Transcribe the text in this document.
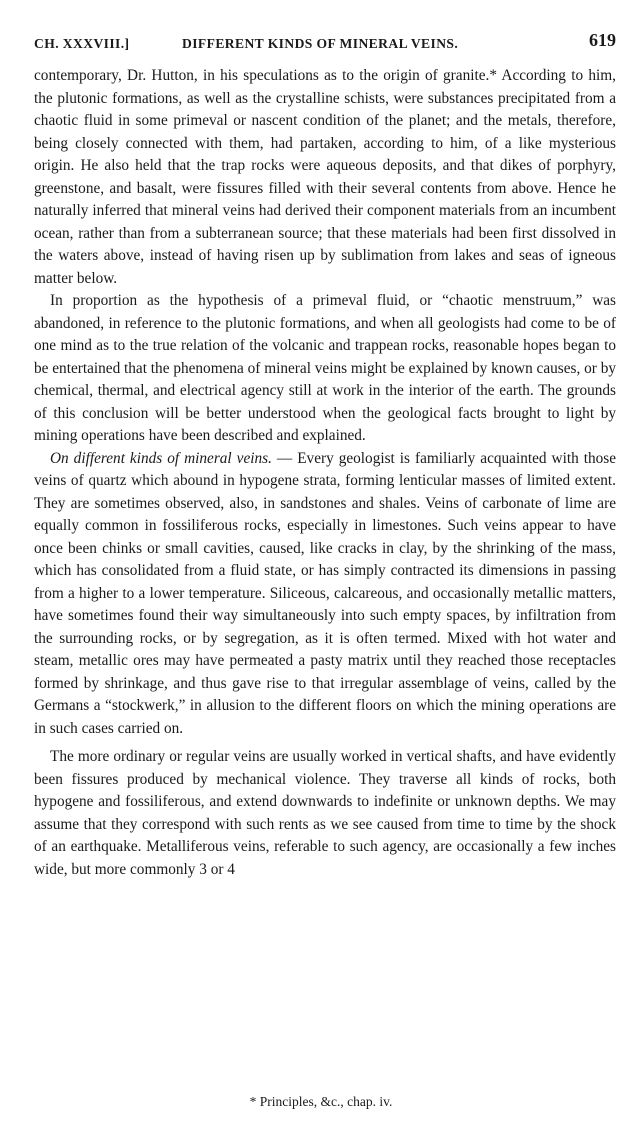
CH. XXXVIII.]	DIFFERENT KINDS OF MINERAL VEINS.	619

contemporary, Dr. Hutton, in his speculations as to the origin of granite.* According to him, the plutonic formations, as well as the crystalline schists, were substances precipitated from a chaotic fluid in some primeval or nascent condition of the planet; and the metals, therefore, being closely connected with them, had partaken, according to him, of a like mysterious origin. He also held that the trap rocks were aqueous deposits, and that dikes of porphyry, greenstone, and basalt, were fissures filled with their several contents from above. Hence he naturally inferred that mineral veins had derived their component materials from an incumbent ocean, rather than from a subterranean source; that these materials had been first dissolved in the waters above, instead of having risen up by sublimation from lakes and seas of igneous matter below.

In proportion as the hypothesis of a primeval fluid, or “chaotic menstruum,” was abandoned, in reference to the plutonic formations, and when all geologists had come to be of one mind as to the true relation of the volcanic and trappean rocks, reasonable hopes began to be entertained that the phenomena of mineral veins might be explained by known causes, or by chemical, thermal, and electrical agency still at work in the interior of the earth. The grounds of this conclusion will be better understood when the geological facts brought to light by mining operations have been described and explained.

On different kinds of mineral veins. — Every geologist is familiarly acquainted with those veins of quartz which abound in hypogene strata, forming lenticular masses of limited extent. They are sometimes observed, also, in sandstones and shales. Veins of carbonate of lime are equally common in fossiliferous rocks, especially in limestones. Such veins appear to have once been chinks or small cavities, caused, like cracks in clay, by the shrinking of the mass, which has consolidated from a fluid state, or has simply contracted its dimensions in passing from a higher to a lower temperature. Siliceous, calcareous, and occasionally metallic matters, have sometimes found their way simultaneously into such empty spaces, by infiltration from the surrounding rocks, or by segregation, as it is often termed. Mixed with hot water and steam, metallic ores may have permeated a pasty matrix until they reached those receptacles formed by shrinkage, and thus gave rise to that irregular assemblage of veins, called by the Germans a “stockwerk,” in allusion to the different floors on which the mining operations are in such cases carried on.

The more ordinary or regular veins are usually worked in vertical shafts, and have evidently been fissures produced by mechanical violence. They traverse all kinds of rocks, both hypogene and fossiliferous, and extend downwards to indefinite or unknown depths. We may assume that they correspond with such rents as we see caused from time to time by the shock of an earthquake. Metalliferous veins, referable to such agency, are occasionally a few inches wide, but more commonly 3 or 4

* Principles, &c., chap. iv.
